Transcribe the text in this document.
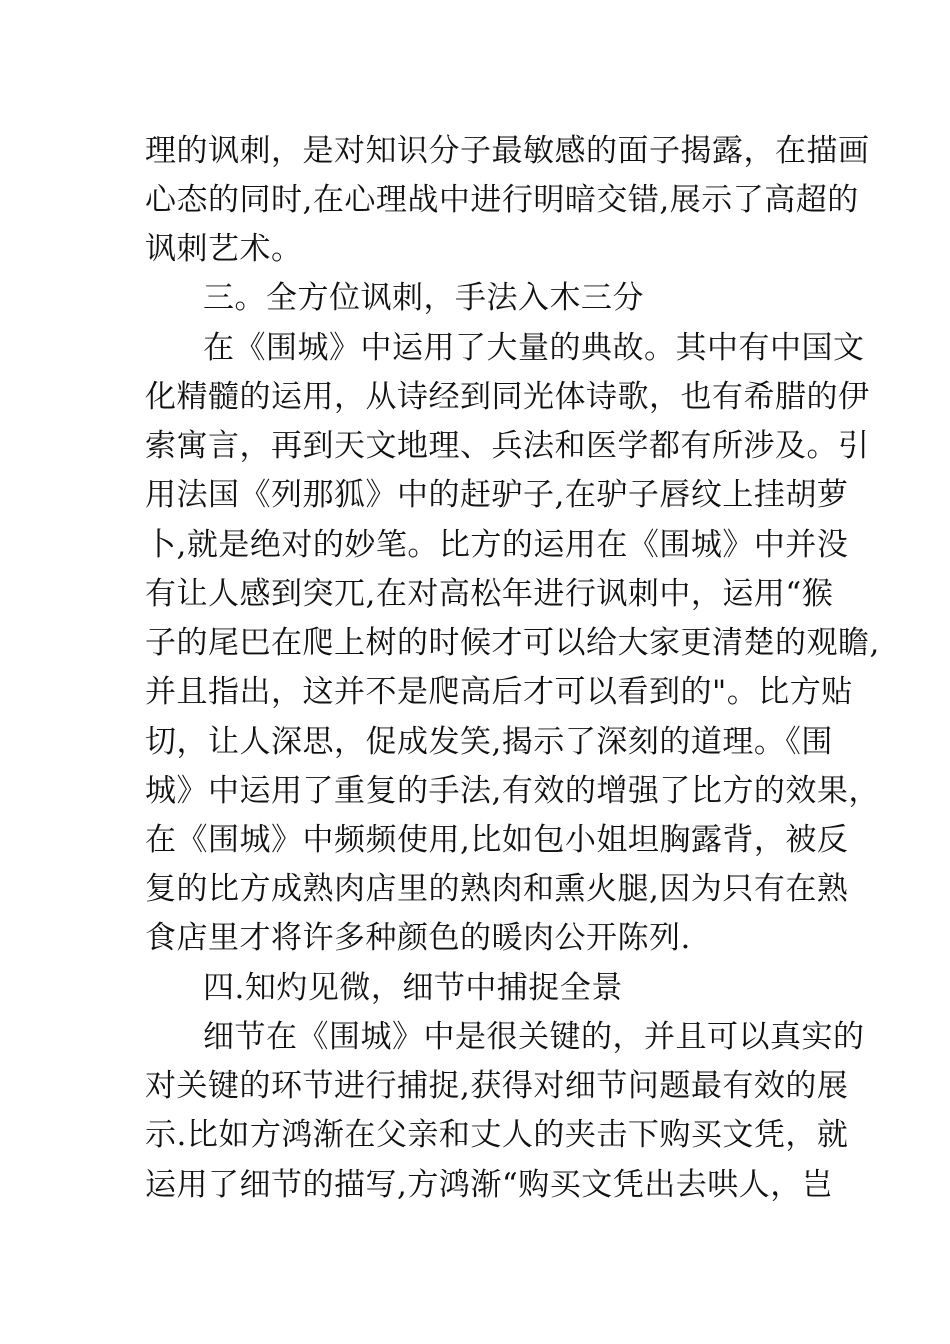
理的讽刺，是对知识分子最敏感的面子揭露，在描画
心态的同时,在心理战中进行明暗交错,展示了高超的
讽刺艺术。
三。全方位讽刺，手法入木三分
在《围城》中运用了大量的典故。其中有中国文
化精髓的运用，从诗经到同光体诗歌，也有希腊的伊
索寓言，再到天文地理、兵法和医学都有所涉及。引
用法国《列那狐》中的赶驴子,在驴子唇纹上挂胡萝
卜,就是绝对的妙笔。比方的运用在《围城》中并没
有让人感到突兀,在对高松年进行讽刺中，运用“猴
子的尾巴在爬上树的时候才可以给大家更清楚的观瞻,
并且指出，这并不是爬高后才可以看到的"。比方贴
切，让人深思，促成发笑,揭示了深刻的道理。《围
城》中运用了重复的手法,有效的增强了比方的效果，
在《围城》中频频使用,比如包小姐坦胸露背，被反
复的比方成熟肉店里的熟肉和熏火腿,因为只有在熟
食店里才将许多种颜色的暖肉公开陈列.
四.知灼见微，细节中捕捉全景
细节在《围城》中是很关键的，并且可以真实的
对关键的环节进行捕捉,获得对细节问题最有效的展
示.比如方鸿渐在父亲和丈人的夹击下购买文凭，就
运用了细节的描写,方鸿渐“购买文凭出去哄人，岂
